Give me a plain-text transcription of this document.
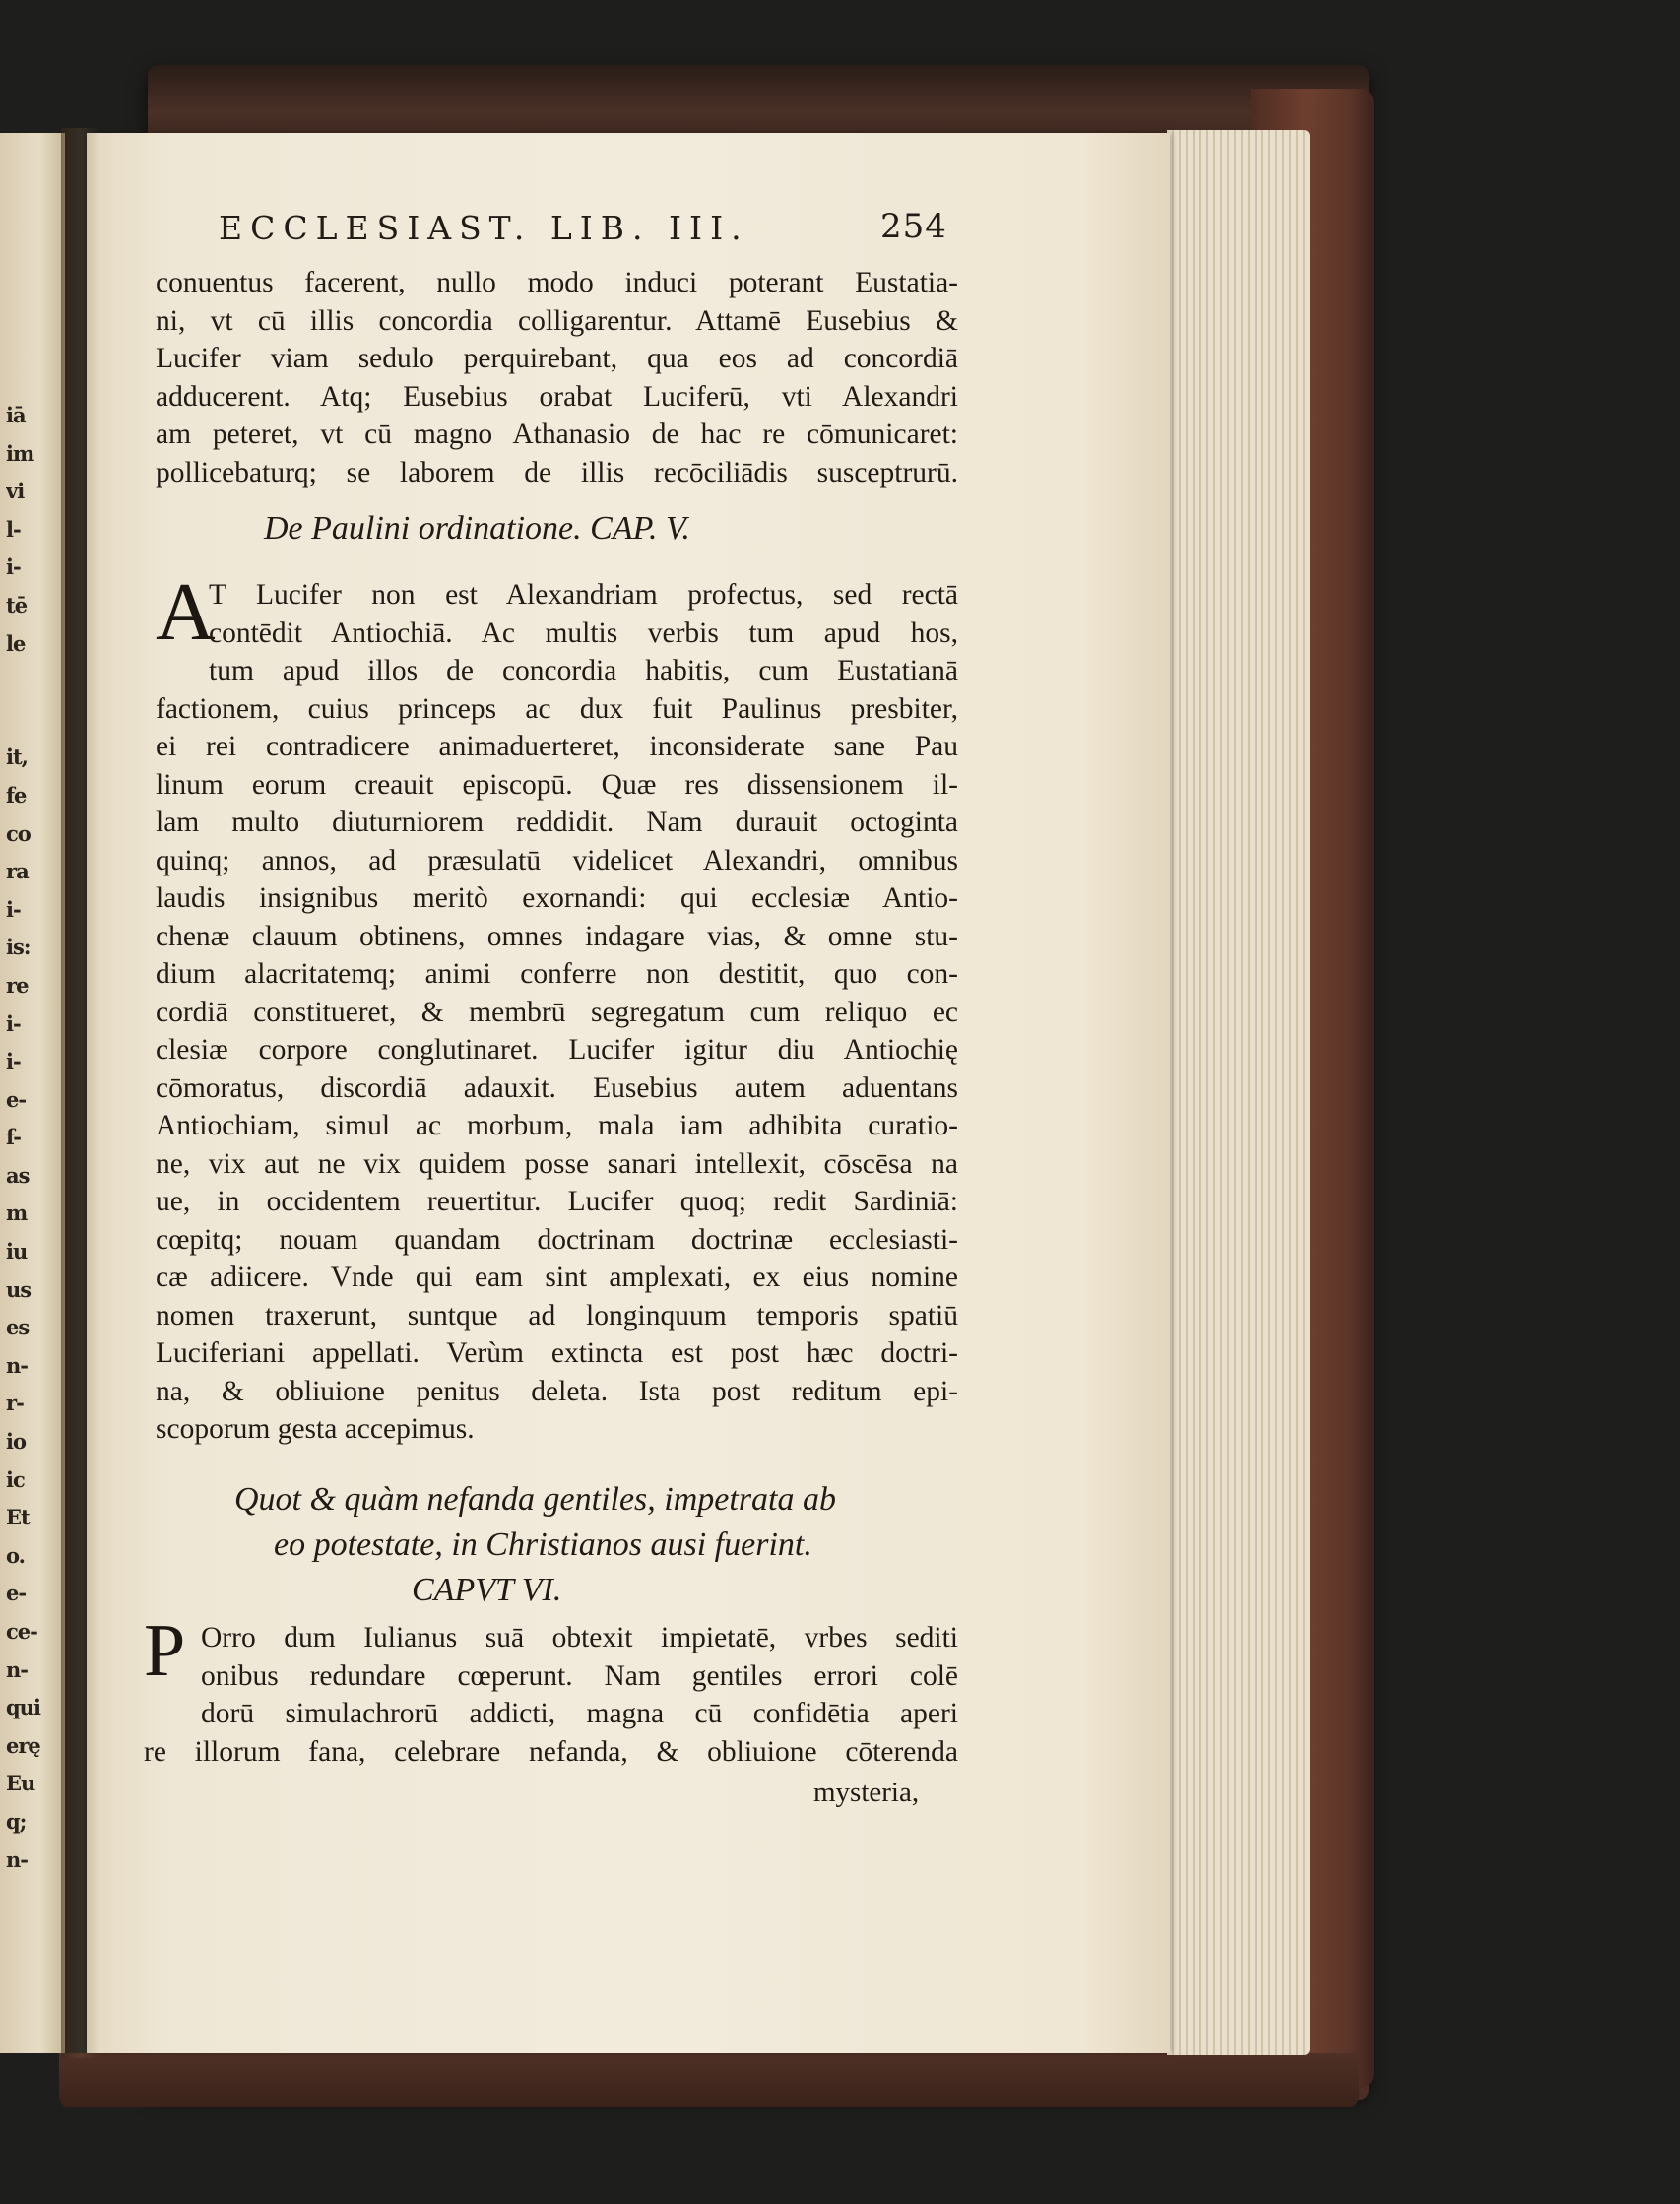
iā
im
vi
l-
i-
tē
le
it,
fe
co
ra
i-
is:
re
i-
i-
e-
f-
as
m
iu
us
es
n-
r-
io
ic
Et
o.
e-
ce-
n-
qui
erę
Eu
q;
n-
ECCLESIAST. LIB. III.	254
conuentus facerent, nullo modo induci poterant Eustatia-
ni, vt cū illis concordia colligarentur. Attamē Eusebius &
Lucifer viam sedulo perquirebant, qua eos ad concordiā
adducerent. Atq; Eusebius orabat Luciferū, vti Alexandri
am peteret, vt cū magno Athanasio de hac re cōmunicaret:
pollicebaturq; se laborem de illis recōciliādis susceptrurū.
De Paulini ordinatione. CAP. V.
A
T Lucifer non est Alexandriam profectus, sed rectā
contēdit Antiochiā. Ac multis verbis tum apud hos,
tum apud illos de concordia habitis, cum Eustatianā
factionem, cuius princeps ac dux fuit Paulinus presbiter,
ei rei contradicere animaduerteret, inconsiderate sane Pau
linum eorum creauit episcopū. Quæ res dissensionem il-
lam multo diuturniorem reddidit. Nam durauit octoginta
quinq; annos, ad præsulatū videlicet Alexandri, omnibus
laudis insignibus meritò exornandi: qui ecclesiæ Antio-
chenæ clauum obtinens, omnes indagare vias, & omne stu-
dium alacritatemq; animi conferre non destitit, quo con-
cordiā constitueret, & membrū segregatum cum reliquo ec
clesiæ corpore conglutinaret. Lucifer igitur diu Antiochię
cōmoratus, discordiā adauxit. Eusebius autem aduentans
Antiochiam, simul ac morbum, mala iam adhibita curatio-
ne, vix aut ne vix quidem posse sanari intellexit, cōscēsa na
ue, in occidentem reuertitur. Lucifer quoq; redit Sardiniā:
cœpitq; nouam quandam doctrinam doctrinæ ecclesiasti-
cæ adiicere. Vnde qui eam sint amplexati, ex eius nomine
nomen traxerunt, suntque ad longinquum temporis spatiū
Luciferiani appellati. Verùm extincta est post hæc doctri-
na, & obliuione penitus deleta. Ista post reditum epi-
scoporum gesta accepimus.
Quot & quàm nefanda gentiles, impetrata ab
eo potestate, in Christianos ausi fuerint.
CAPVT VI.
P Orro dum Iulianus suā obtexit impietatē, vrbes sediti
onibus redundare cœperunt. Nam gentiles errori colē
dorū simulachrorū addicti, magna cū confidētia aperi
re illorum fana, celebrare nefanda, & obliuione cōterenda
mysteria,
